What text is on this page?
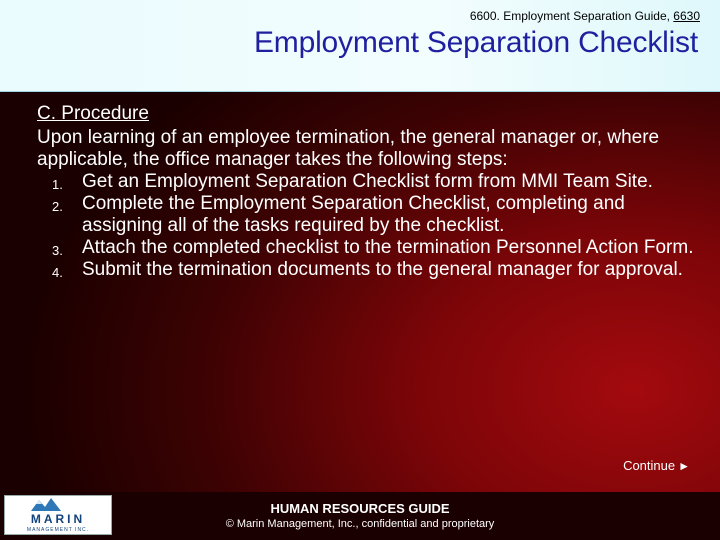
6600. Employment Separation Guide, 6630
Employment Separation Checklist
C. Procedure
Upon learning of an employee termination, the general manager or, where applicable, the office manager takes the following steps:
1. Get an Employment Separation Checklist form from MMI Team Site.
2. Complete the Employment Separation Checklist, completing and assigning all of the tasks required by the checklist.
3. Attach the completed checklist to the termination Personnel Action Form.
4. Submit the termination documents to the general manager for approval.
Continue ►
MARIN
MANAGEMENT INC.
HUMAN RESOURCES GUIDE
© Marin Management, Inc., confidential and proprietary
